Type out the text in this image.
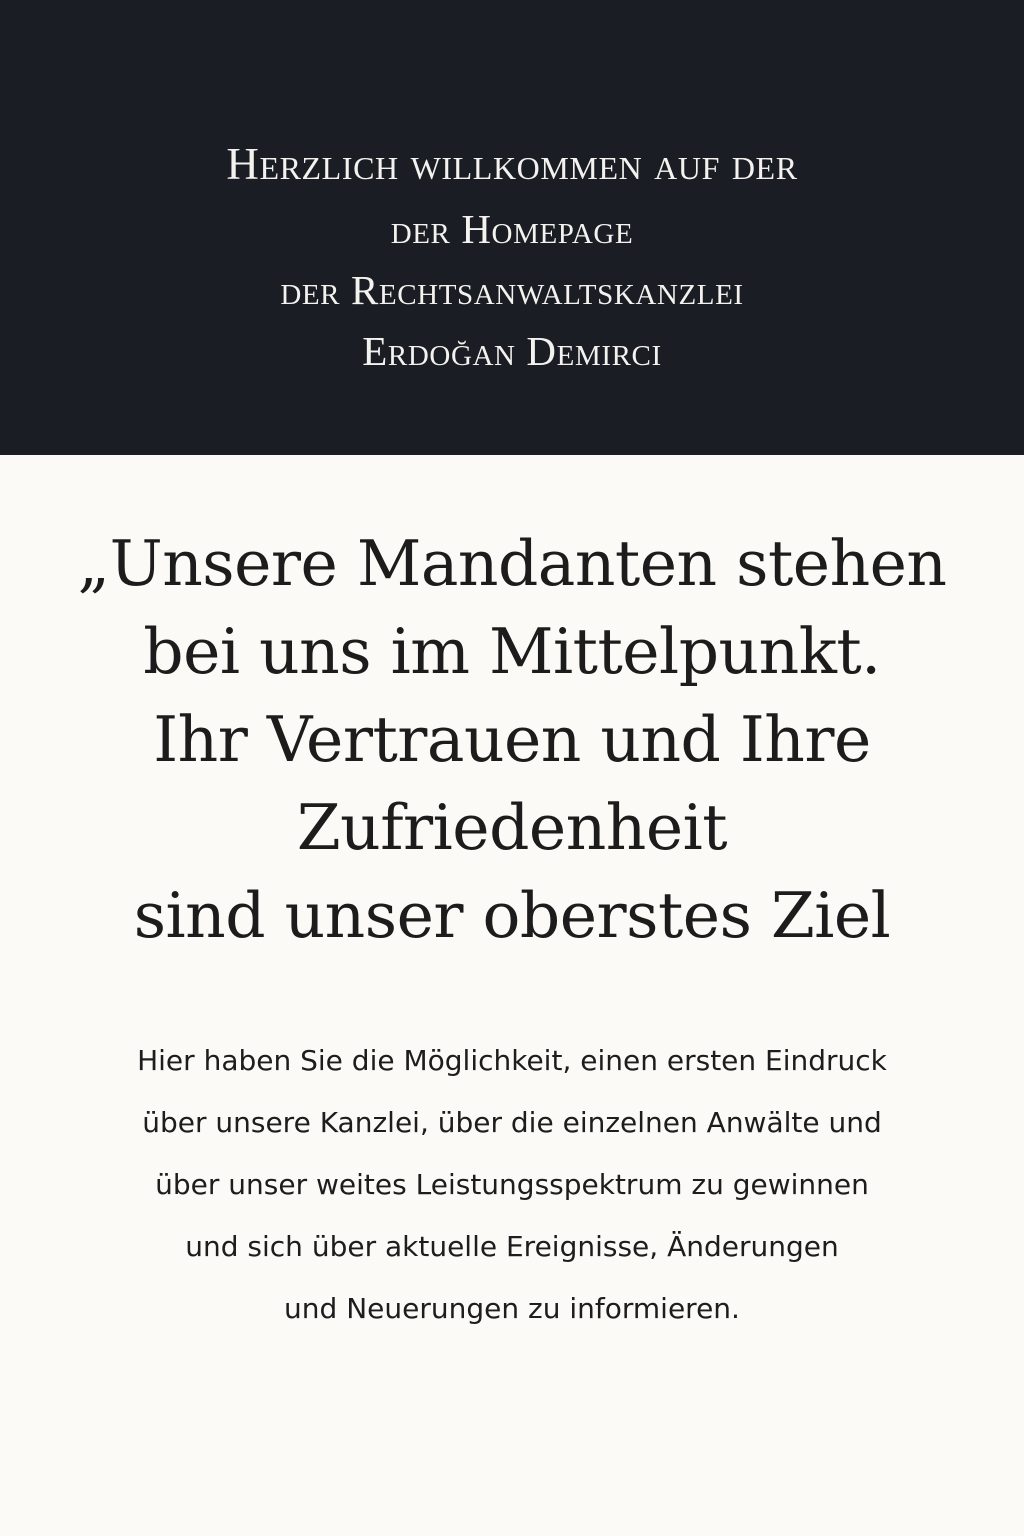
Herzlich willkommen auf der
der Homepage
der Rechtsanwaltskanzlei
Erdoğan Demirci
„Unsere Mandanten stehen
bei uns im Mittelpunkt.
Ihr Vertrauen und Ihre
Zufriedenheit
sind unser oberstes Ziel
Hier haben Sie die Möglichkeit, einen ersten Eindruck
über unsere Kanzlei, über die einzelnen Anwälte und
über unser weites Leistungsspektrum zu gewinnen
und sich über aktuelle Ereignisse, Änderungen
und Neuerungen zu informieren.
